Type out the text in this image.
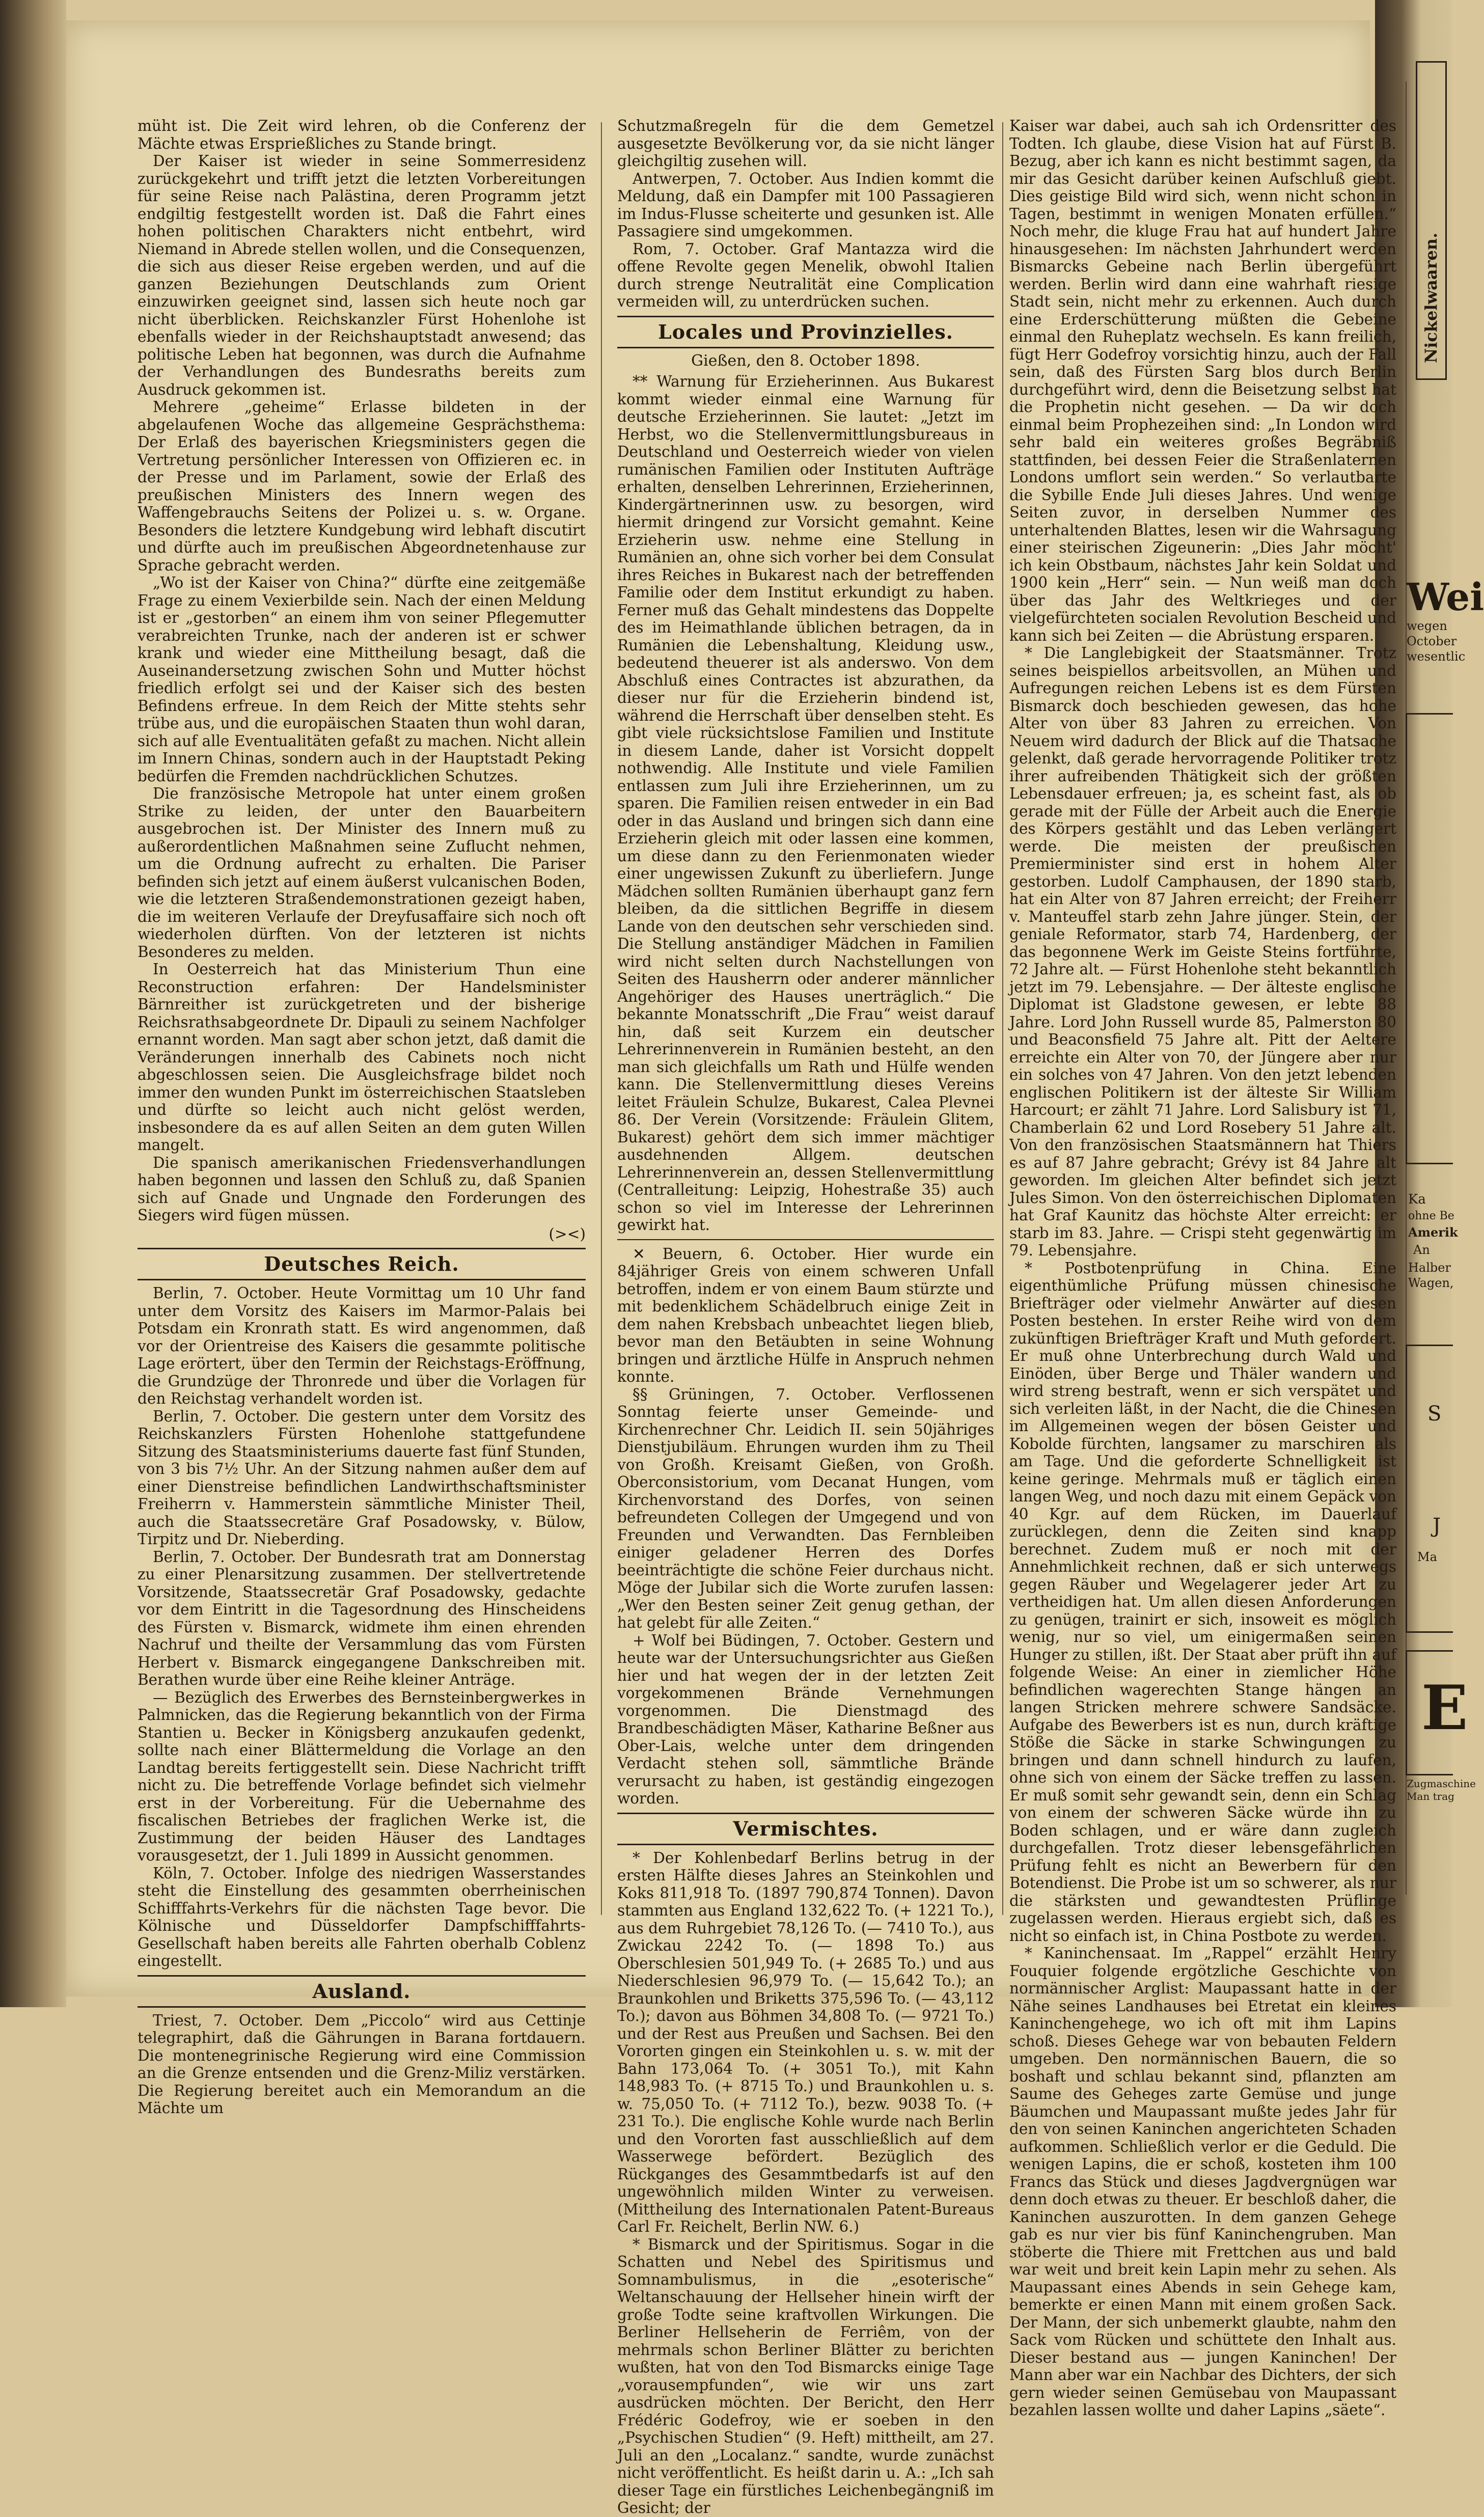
müht ist. Die Zeit wird lehren, ob die Conferenz der Mächte etwas Ersprießliches zu Stande bringt.

Der Kaiser ist wieder in seine Sommerresidenz zurückgekehrt und trifft jetzt die letzten Vorbereitungen für seine Reise nach Palästina, deren Programm jetzt endgiltig festgestellt worden ist. Daß die Fahrt eines hohen politischen Charakters nicht entbehrt, wird Niemand in Abrede stellen wollen, und die Consequenzen, die sich aus dieser Reise ergeben werden, und auf die ganzen Beziehungen Deutschlands zum Orient einzuwirken geeignet sind, lassen sich heute noch gar nicht überblicken. Reichskanzler Fürst Hohenlohe ist ebenfalls wieder in der Reichshauptstadt anwesend; das politische Leben hat begonnen, was durch die Aufnahme der Verhandlungen des Bundesraths bereits zum Ausdruck gekommen ist.

Mehrere „geheime“ Erlasse bildeten in der abgelaufenen Woche das allgemeine Gesprächsthema: Der Erlaß des bayerischen Kriegsministers gegen die Vertretung persönlicher Interessen von Offizieren ec. in der Presse und im Parlament, sowie der Erlaß des preußischen Ministers des Innern wegen des Waffengebrauchs Seitens der Polizei u. s. w. Organe. Besonders die letztere Kundgebung wird lebhaft discutirt und dürfte auch im preußischen Abgeordnetenhause zur Sprache gebracht werden.

„Wo ist der Kaiser von China?“ dürfte eine zeitgemäße Frage zu einem Vexierbilde sein. Nach der einen Meldung ist er „gestorben“ an einem ihm von seiner Pflegemutter verabreichten Trunke, nach der anderen ist er schwer krank und wieder eine Mittheilung besagt, daß die Auseinandersetzung zwischen Sohn und Mutter höchst friedlich erfolgt sei und der Kaiser sich des besten Befindens erfreue. In dem Reich der Mitte stehts sehr trübe aus, und die europäischen Staaten thun wohl daran, sich auf alle Eventualitäten gefaßt zu machen. Nicht allein im Innern Chinas, sondern auch in der Hauptstadt Peking bedürfen die Fremden nachdrücklichen Schutzes.

Die französische Metropole hat unter einem großen Strike zu leiden, der unter den Bauarbeitern ausgebrochen ist. Der Minister des Innern muß zu außerordentlichen Maßnahmen seine Zuflucht nehmen, um die Ordnung aufrecht zu erhalten. Die Pariser befinden sich jetzt auf einem äußerst vulcanischen Boden, wie die letzteren Straßendemonstrationen gezeigt haben, die im weiteren Verlaufe der Dreyfusaffaire sich noch oft wiederholen dürften. Von der letzteren ist nichts Besonderes zu melden.

In Oesterreich hat das Ministerium Thun eine Reconstruction erfahren: Der Handelsminister Bärnreither ist zurückgetreten und der bisherige Reichsrathsabgeordnete Dr. Dipauli zu seinem Nachfolger ernannt worden. Man sagt aber schon jetzt, daß damit die Veränderungen innerhalb des Cabinets noch nicht abgeschlossen seien. Die Ausgleichsfrage bildet noch immer den wunden Punkt im österreichischen Staatsleben und dürfte so leicht auch nicht gelöst werden, insbesondere da es auf allen Seiten an dem guten Willen mangelt.

Die spanisch amerikanischen Friedensverhandlungen haben begonnen und lassen den Schluß zu, daß Spanien sich auf Gnade und Ungnade den Forderungen des Siegers wird fügen müssen.

(><)
Deutsches Reich.

Berlin, 7. October. Heute Vormittag um 10 Uhr fand unter dem Vorsitz des Kaisers im Marmor-Palais bei Potsdam ein Kronrath statt. Es wird angenommen, daß vor der Orientreise des Kaisers die gesammte politische Lage erörtert, über den Termin der Reichstags-Eröffnung, die Grundzüge der Thronrede und über die Vorlagen für den Reichstag verhandelt worden ist.

Berlin, 7. October. Die gestern unter dem Vorsitz des Reichskanzlers Fürsten Hohenlohe stattgefundene Sitzung des Staatsministeriums dauerte fast fünf Stunden, von 3 bis 7½ Uhr. An der Sitzung nahmen außer dem auf einer Dienstreise befindlichen Landwirthschaftsminister Freiherrn v. Hammerstein sämmtliche Minister Theil, auch die Staatssecretäre Graf Posadowsky, v. Bülow, Tirpitz und Dr. Nieberding.

Berlin, 7. October. Der Bundesrath trat am Donnerstag zu einer Plenarsitzung zusammen. Der stellvertretende Vorsitzende, Staatssecretär Graf Posadowsky, gedachte vor dem Eintritt in die Tagesordnung des Hinscheidens des Fürsten v. Bismarck, widmete ihm einen ehrenden Nachruf und theilte der Versammlung das vom Fürsten Herbert v. Bismarck eingegangene Dankschreiben mit. Berathen wurde über eine Reihe kleiner Anträge.

— Bezüglich des Erwerbes des Bernsteinbergwerkes in Palmnicken, das die Regierung bekanntlich von der Firma Stantien u. Becker in Königsberg anzukaufen gedenkt, sollte nach einer Blättermeldung die Vorlage an den Landtag bereits fertiggestellt sein. Diese Nachricht trifft nicht zu. Die betreffende Vorlage befindet sich vielmehr erst in der Vorbereitung. Für die Uebernahme des fiscalischen Betriebes der fraglichen Werke ist, die Zustimmung der beiden Häuser des Landtages vorausgesetzt, der 1. Juli 1899 in Aussicht genommen.

Köln, 7. October. Infolge des niedrigen Wasserstandes steht die Einstellung des gesammten oberrheinischen Schifffahrts-Verkehrs für die nächsten Tage bevor. Die Kölnische und Düsseldorfer Dampfschifffahrts-Gesellschaft haben bereits alle Fahrten oberhalb Coblenz eingestellt.

Ausland.

Triest, 7. October. Dem „Piccolo“ wird aus Cettinje telegraphirt, daß die Gährungen in Barana fortdauern. Die montenegrinische Regierung wird eine Commission an die Grenze entsenden und die Grenz-Miliz verstärken. Die Regierung bereitet auch ein Memorandum an die Mächte um

Schutzmaßregeln für die dem Gemetzel ausgesetzte Bevölkerung vor, da sie nicht länger gleichgiltig zusehen will.

Antwerpen, 7. October. Aus Indien kommt die Meldung, daß ein Dampfer mit 100 Passagieren im Indus-Flusse scheiterte und gesunken ist. Alle Passagiere sind umgekommen.

Rom, 7. October. Graf Mantazza wird die offene Revolte gegen Menelik, obwohl Italien durch strenge Neutralität eine Complication vermeiden will, zu unterdrücken suchen.

Locales und Provinzielles.
Gießen, den 8. October 1898.

** Warnung für Erzieherinnen. Aus Bukarest kommt wieder einmal eine Warnung für deutsche Erzieherinnen. Sie lautet: „Jetzt im Herbst, wo die Stellenvermittlungsbureaus in Deutschland und Oesterreich wieder von vielen rumänischen Familien oder Instituten Aufträge erhalten, denselben Lehrerinnen, Erzieherinnen, Kindergärtnerinnen usw. zu besorgen, wird hiermit dringend zur Vorsicht gemahnt. Keine Erzieherin usw. nehme eine Stellung in Rumänien an, ohne sich vorher bei dem Consulat ihres Reiches in Bukarest nach der betreffenden Familie oder dem Institut erkundigt zu haben. Ferner muß das Gehalt mindestens das Doppelte des im Heimathlande üblichen betragen, da in Rumänien die Lebenshaltung, Kleidung usw., bedeutend theuerer ist als anderswo. Von dem Abschluß eines Contractes ist abzurathen, da dieser nur für die Erzieherin bindend ist, während die Herrschaft über denselben steht. Es gibt viele rücksichtslose Familien und Institute in diesem Lande, daher ist Vorsicht doppelt nothwendig. Alle Institute und viele Familien entlassen zum Juli ihre Erzieherinnen, um zu sparen. Die Familien reisen entweder in ein Bad oder in das Ausland und bringen sich dann eine Erzieherin gleich mit oder lassen eine kommen, um diese dann zu den Ferienmonaten wieder einer ungewissen Zukunft zu überliefern. Junge Mädchen sollten Rumänien überhaupt ganz fern bleiben, da die sittlichen Begriffe in diesem Lande von den deutschen sehr verschieden sind. Die Stellung anständiger Mädchen in Familien wird nicht selten durch Nachstellungen von Seiten des Hausherrn oder anderer männlicher Angehöriger des Hauses unerträglich.“ Die bekannte Monatsschrift „Die Frau“ weist darauf hin, daß seit Kurzem ein deutscher Lehrerinnenverein in Rumänien besteht, an den man sich gleichfalls um Rath und Hülfe wenden kann. Die Stellenvermittlung dieses Vereins leitet Fräulein Schulze, Bukarest, Calea Plevnei 86. Der Verein (Vorsitzende: Fräulein Glitem, Bukarest) gehört dem sich immer mächtiger ausdehnenden Allgem. deutschen Lehrerinnenverein an, dessen Stellenvermittlung (Centralleitung: Leipzig, Hohestraße 35) auch schon so viel im Interesse der Lehrerinnen gewirkt hat.

✕ Beuern, 6. October. Hier wurde ein 84jähriger Greis von einem schweren Unfall betroffen, indem er von einem Baum stürzte und mit bedenklichem Schädelbruch einige Zeit in dem nahen Krebsbach unbeachtet liegen blieb, bevor man den Betäubten in seine Wohnung bringen und ärztliche Hülfe in Anspruch nehmen konnte.

§§ Grüningen, 7. October. Verflossenen Sonntag feierte unser Gemeinde- und Kirchenrechner Chr. Leidich II. sein 50jähriges Dienstjubiläum. Ehrungen wurden ihm zu Theil von Großh. Kreisamt Gießen, von Großh. Oberconsistorium, vom Decanat Hungen, vom Kirchenvorstand des Dorfes, von seinen befreundeten Collegen der Umgegend und von Freunden und Verwandten. Das Fernbleiben einiger geladener Herren des Dorfes beeinträchtigte die schöne Feier durchaus nicht. Möge der Jubilar sich die Worte zurufen lassen: „Wer den Besten seiner Zeit genug gethan, der hat gelebt für alle Zeiten.“

+ Wolf bei Büdingen, 7. October. Gestern und heute war der Untersuchungsrichter aus Gießen hier und hat wegen der in der letzten Zeit vorgekommenen Brände Vernehmungen vorgenommen. Die Dienstmagd des Brandbeschädigten Mäser, Katharine Beßner aus Ober-Lais, welche unter dem dringenden Verdacht stehen soll, sämmtliche Brände verursacht zu haben, ist geständig eingezogen worden.

Vermischtes.

* Der Kohlenbedarf Berlins betrug in der ersten Hälfte dieses Jahres an Steinkohlen und Koks 811,918 To. (1897 790,874 Tonnen). Davon stammten aus England 132,622 To. (+ 1221 To.), aus dem Ruhrgebiet 78,126 To. (— 7410 To.), aus Zwickau 2242 To. (— 1898 To.) aus Oberschlesien 501,949 To. (+ 2685 To.) und aus Niederschlesien 96,979 To. (— 15,642 To.); an Braunkohlen und Briketts 375,596 To. (— 43,112 To.); davon aus Böhmen 34,808 To. (— 9721 To.) und der Rest aus Preußen und Sachsen. Bei den Vororten gingen ein Steinkohlen u. s. w. mit der Bahn 173,064 To. (+ 3051 To.), mit Kahn 148,983 To. (+ 8715 To.) und Braunkohlen u. s. w. 75,050 To. (+ 7112 To.), bezw. 9038 To. (+ 231 To.). Die englische Kohle wurde nach Berlin und den Vororten fast ausschließlich auf dem Wasserwege befördert. Bezüglich des Rückganges des Gesammtbedarfs ist auf den ungewöhnlich milden Winter zu verweisen. (Mittheilung des Internationalen Patent-Bureaus Carl Fr. Reichelt, Berlin NW. 6.)

* Bismarck und der Spiritismus. Sogar in die Schatten und Nebel des Spiritismus und Somnambulismus, in die „esoterische“ Weltanschauung der Hellseher hinein wirft der große Todte seine kraftvollen Wirkungen. Die Berliner Hellseherin de Ferriêm, von der mehrmals schon Berliner Blätter zu berichten wußten, hat von den Tod Bismarcks einige Tage „vorausempfunden“, wie wir uns zart ausdrücken möchten. Der Bericht, den Herr Frédéric Godefroy, wie er soeben in den „Psychischen Studien“ (9. Heft) mittheilt, am 27. Juli an den „Localanz.“ sandte, wurde zunächst nicht veröffentlicht. Es heißt darin u. A.: „Ich sah dieser Tage ein fürstliches Leichenbegängniß im Gesicht; der

Kaiser war dabei, auch sah ich Ordensritter des Todten. Ich glaube, diese Vision hat auf Fürst B. Bezug, aber ich kann es nicht bestimmt sagen, da mir das Gesicht darüber keinen Aufschluß giebt. Dies geistige Bild wird sich, wenn nicht schon in Tagen, bestimmt in wenigen Monaten erfüllen.“ Noch mehr, die kluge Frau hat auf hundert Jahre hinausgesehen: Im nächsten Jahrhundert werden Bismarcks Gebeine nach Berlin übergeführt werden. Berlin wird dann eine wahrhaft riesige Stadt sein, nicht mehr zu erkennen. Auch durch eine Erderschütterung müßten die Gebeine einmal den Ruheplatz wechseln. Es kann freilich, fügt Herr Godefroy vorsichtig hinzu, auch der Fall sein, daß des Fürsten Sarg blos durch Berlin durchgeführt wird, denn die Beisetzung selbst hat die Prophetin nicht gesehen. — Da wir doch einmal beim Prophezeihen sind: „In London wird sehr bald ein weiteres großes Begräbniß stattfinden, bei dessen Feier die Straßenlaternen Londons umflort sein werden.“ So verlautbarte die Sybille Ende Juli dieses Jahres. Und wenige Seiten zuvor, in derselben Nummer des unterhaltenden Blattes, lesen wir die Wahrsagung einer steirischen Zigeunerin: „Dies Jahr möcht' ich kein Obstbaum, nächstes Jahr kein Soldat und 1900 kein „Herr“ sein. — Nun weiß man doch über das Jahr des Weltkrieges und der vielgefürchteten socialen Revolution Bescheid und kann sich bei Zeiten — die Abrüstung ersparen.

* Die Langlebigkeit der Staatsmänner. Trotz seines beispiellos arbeitsvollen, an Mühen und Aufregungen reichen Lebens ist es dem Fürsten Bismarck doch beschieden gewesen, das hohe Alter von über 83 Jahren zu erreichen. Von Neuem wird dadurch der Blick auf die Thatsache gelenkt, daß gerade hervorragende Politiker trotz ihrer aufreibenden Thätigkeit sich der größten Lebensdauer erfreuen; ja, es scheint fast, als ob gerade mit der Fülle der Arbeit auch die Energie des Körpers gestählt und das Leben verlängert werde. Die meisten der preußischen Premierminister sind erst in hohem Alter gestorben. Ludolf Camphausen, der 1890 starb, hat ein Alter von 87 Jahren erreicht; der Freiherr v. Manteuffel starb zehn Jahre jünger. Stein, der geniale Reformator, starb 74, Hardenberg, der das begonnene Werk im Geiste Steins fortführte, 72 Jahre alt. — Fürst Hohenlohe steht bekanntlich jetzt im 79. Lebensjahre. — Der älteste englische Diplomat ist Gladstone gewesen, er lebte 88 Jahre. Lord John Russell wurde 85, Palmerston 80 und Beaconsfield 75 Jahre alt. Pitt der Aeltere erreichte ein Alter von 70, der Jüngere aber nur ein solches von 47 Jahren. Von den jetzt lebenden englischen Politikern ist der älteste Sir William Harcourt; er zählt 71 Jahre. Lord Salisbury ist 71, Chamberlain 62 und Lord Rosebery 51 Jahre alt. Von den französischen Staatsmännern hat Thiers es auf 87 Jahre gebracht; Grévy ist 84 Jahre alt geworden. Im gleichen Alter befindet sich jetzt Jules Simon. Von den österreichischen Diplomaten hat Graf Kaunitz das höchste Alter erreicht: er starb im 83. Jahre. — Crispi steht gegenwärtig im 79. Lebensjahre.

* Postbotenprüfung in China. Eine eigenthümliche Prüfung müssen chinesische Briefträger oder vielmehr Anwärter auf diesen Posten bestehen. In erster Reihe wird von dem zukünftigen Briefträger Kraft und Muth gefordert. Er muß ohne Unterbrechung durch Wald und Einöden, über Berge und Thäler wandern und wird streng bestraft, wenn er sich verspätet und sich verleiten läßt, in der Nacht, die die Chinesen im Allgemeinen wegen der bösen Geister und Kobolde fürchten, langsamer zu marschiren als am Tage. Und die geforderte Schnelligkeit ist keine geringe. Mehrmals muß er täglich einen langen Weg, und noch dazu mit einem Gepäck von 40 Kgr. auf dem Rücken, im Dauerlauf zurücklegen, denn die Zeiten sind knapp berechnet. Zudem muß er noch mit der Annehmlichkeit rechnen, daß er sich unterwegs gegen Räuber und Wegelagerer jeder Art zu vertheidigen hat. Um allen diesen Anforderungen zu genügen, trainirt er sich, insoweit es möglich wenig, nur so viel, um einigermaßen seinen Hunger zu stillen, ißt. Der Staat aber prüft ihn auf folgende Weise: An einer in ziemlicher Höhe befindlichen wagerechten Stange hängen an langen Stricken mehrere schwere Sandsäcke. Aufgabe des Bewerbers ist es nun, durch kräftige Stöße die Säcke in starke Schwingungen zu bringen und dann schnell hindurch zu laufen, ohne sich von einem der Säcke treffen zu lassen. Er muß somit sehr gewandt sein, denn ein Schlag von einem der schweren Säcke würde ihn zu Boden schlagen, und er wäre dann zugleich durchgefallen. Trotz dieser lebensgefährlichen Prüfung fehlt es nicht an Bewerbern für den Botendienst. Die Probe ist um so schwerer, als nur die stärksten und gewandtesten Prüflinge zugelassen werden. Hieraus ergiebt sich, daß es nicht so einfach ist, in China Postbote zu werden.

* Kaninchensaat. Im „Rappel“ erzählt Henry Fouquier folgende ergötzliche Geschichte von normännischer Arglist: Maupassant hatte in der Nähe seines Landhauses bei Etretat ein kleines Kaninchengehege, wo ich oft mit ihm Lapins schoß. Dieses Gehege war von bebauten Feldern umgeben. Den normännischen Bauern, die so boshaft und schlau bekannt sind, pflanzten am Saume des Geheges zarte Gemüse und junge Bäumchen und Maupassant mußte jedes Jahr für den von seinen Kaninchen angerichteten Schaden aufkommen. Schließlich verlor er die Geduld. Die wenigen Lapins, die er schoß, kosteten ihm 100 Francs das Stück und dieses Jagdvergnügen war denn doch etwas zu theuer. Er beschloß daher, die Kaninchen auszurotten. In dem ganzen Gehege gab es nur vier bis fünf Kaninchengruben. Man stöberte die Thiere mit Frettchen aus und bald war weit und breit kein Lapin mehr zu sehen. Als Maupassant eines Abends in sein Gehege kam, bemerkte er einen Mann mit einem großen Sack. Der Mann, der sich unbemerkt glaubte, nahm den Sack vom Rücken und schüttete den Inhalt aus. Dieser bestand aus — jungen Kaninchen! Der Mann aber war ein Nachbar des Dichters, der sich gern wieder seinen Gemüsebau von Maupassant bezahlen lassen wollte und daher Lapins „säete“.

Nickelwaaren.
Wei
wegen
October
wesentlic
Ka
ohne Be
Amerik
An
Halber
Wagen,
S
J
Ma
E
Zugmaschine
Man trag
